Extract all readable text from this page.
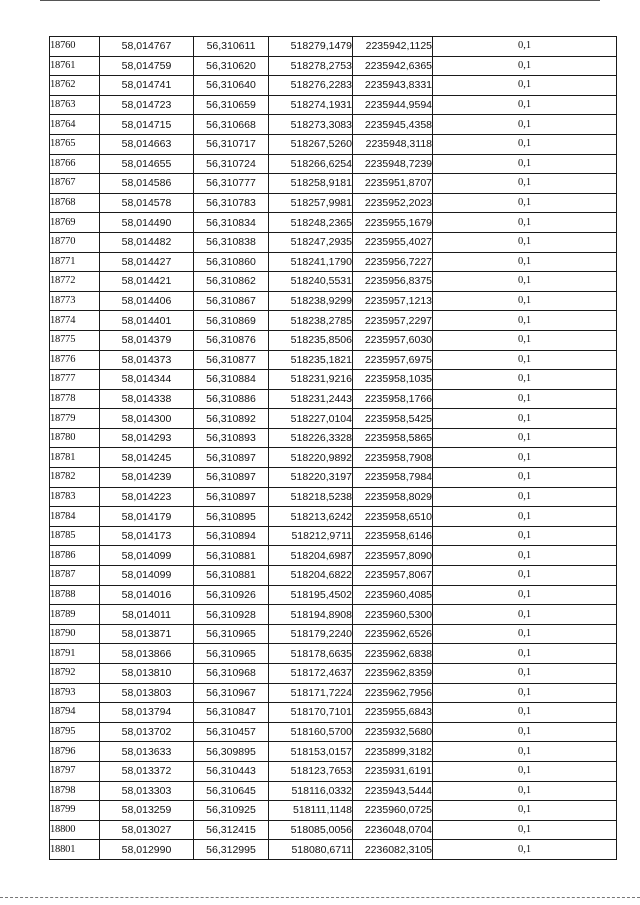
18760	58,014767	56,310611	518279,1479	2235942,1125	0,1
18761	58,014759	56,310620	518278,2753	2235942,6365	0,1
18762	58,014741	56,310640	518276,2283	2235943,8331	0,1
18763	58,014723	56,310659	518274,1931	2235944,9594	0,1
18764	58,014715	56,310668	518273,3083	2235945,4358	0,1
18765	58,014663	56,310717	518267,5260	2235948,3118	0,1
18766	58,014655	56,310724	518266,6254	2235948,7239	0,1
18767	58,014586	56,310777	518258,9181	2235951,8707	0,1
18768	58,014578	56,310783	518257,9981	2235952,2023	0,1
18769	58,014490	56,310834	518248,2365	2235955,1679	0,1
18770	58,014482	56,310838	518247,2935	2235955,4027	0,1
18771	58,014427	56,310860	518241,1790	2235956,7227	0,1
18772	58,014421	56,310862	518240,5531	2235956,8375	0,1
18773	58,014406	56,310867	518238,9299	2235957,1213	0,1
18774	58,014401	56,310869	518238,2785	2235957,2297	0,1
18775	58,014379	56,310876	518235,8506	2235957,6030	0,1
18776	58,014373	56,310877	518235,1821	2235957,6975	0,1
18777	58,014344	56,310884	518231,9216	2235958,1035	0,1
18778	58,014338	56,310886	518231,2443	2235958,1766	0,1
18779	58,014300	56,310892	518227,0104	2235958,5425	0,1
18780	58,014293	56,310893	518226,3328	2235958,5865	0,1
18781	58,014245	56,310897	518220,9892	2235958,7908	0,1
18782	58,014239	56,310897	518220,3197	2235958,7984	0,1
18783	58,014223	56,310897	518218,5238	2235958,8029	0,1
18784	58,014179	56,310895	518213,6242	2235958,6510	0,1
18785	58,014173	56,310894	518212,9711	2235958,6146	0,1
18786	58,014099	56,310881	518204,6987	2235957,8090	0,1
18787	58,014099	56,310881	518204,6822	2235957,8067	0,1
18788	58,014016	56,310926	518195,4502	2235960,4085	0,1
18789	58,014011	56,310928	518194,8908	2235960,5300	0,1
18790	58,013871	56,310965	518179,2240	2235962,6526	0,1
18791	58,013866	56,310965	518178,6635	2235962,6838	0,1
18792	58,013810	56,310968	518172,4637	2235962,8359	0,1
18793	58,013803	56,310967	518171,7224	2235962,7956	0,1
18794	58,013794	56,310847	518170,7101	2235955,6843	0,1
18795	58,013702	56,310457	518160,5700	2235932,5680	0,1
18796	58,013633	56,309895	518153,0157	2235899,3182	0,1
18797	58,013372	56,310443	518123,7653	2235931,6191	0,1
18798	58,013303	56,310645	518116,0332	2235943,5444	0,1
18799	58,013259	56,310925	518111,1148	2235960,0725	0,1
18800	58,013027	56,312415	518085,0056	2236048,0704	0,1
18801	58,012990	56,312995	518080,6711	2236082,3105	0,1
